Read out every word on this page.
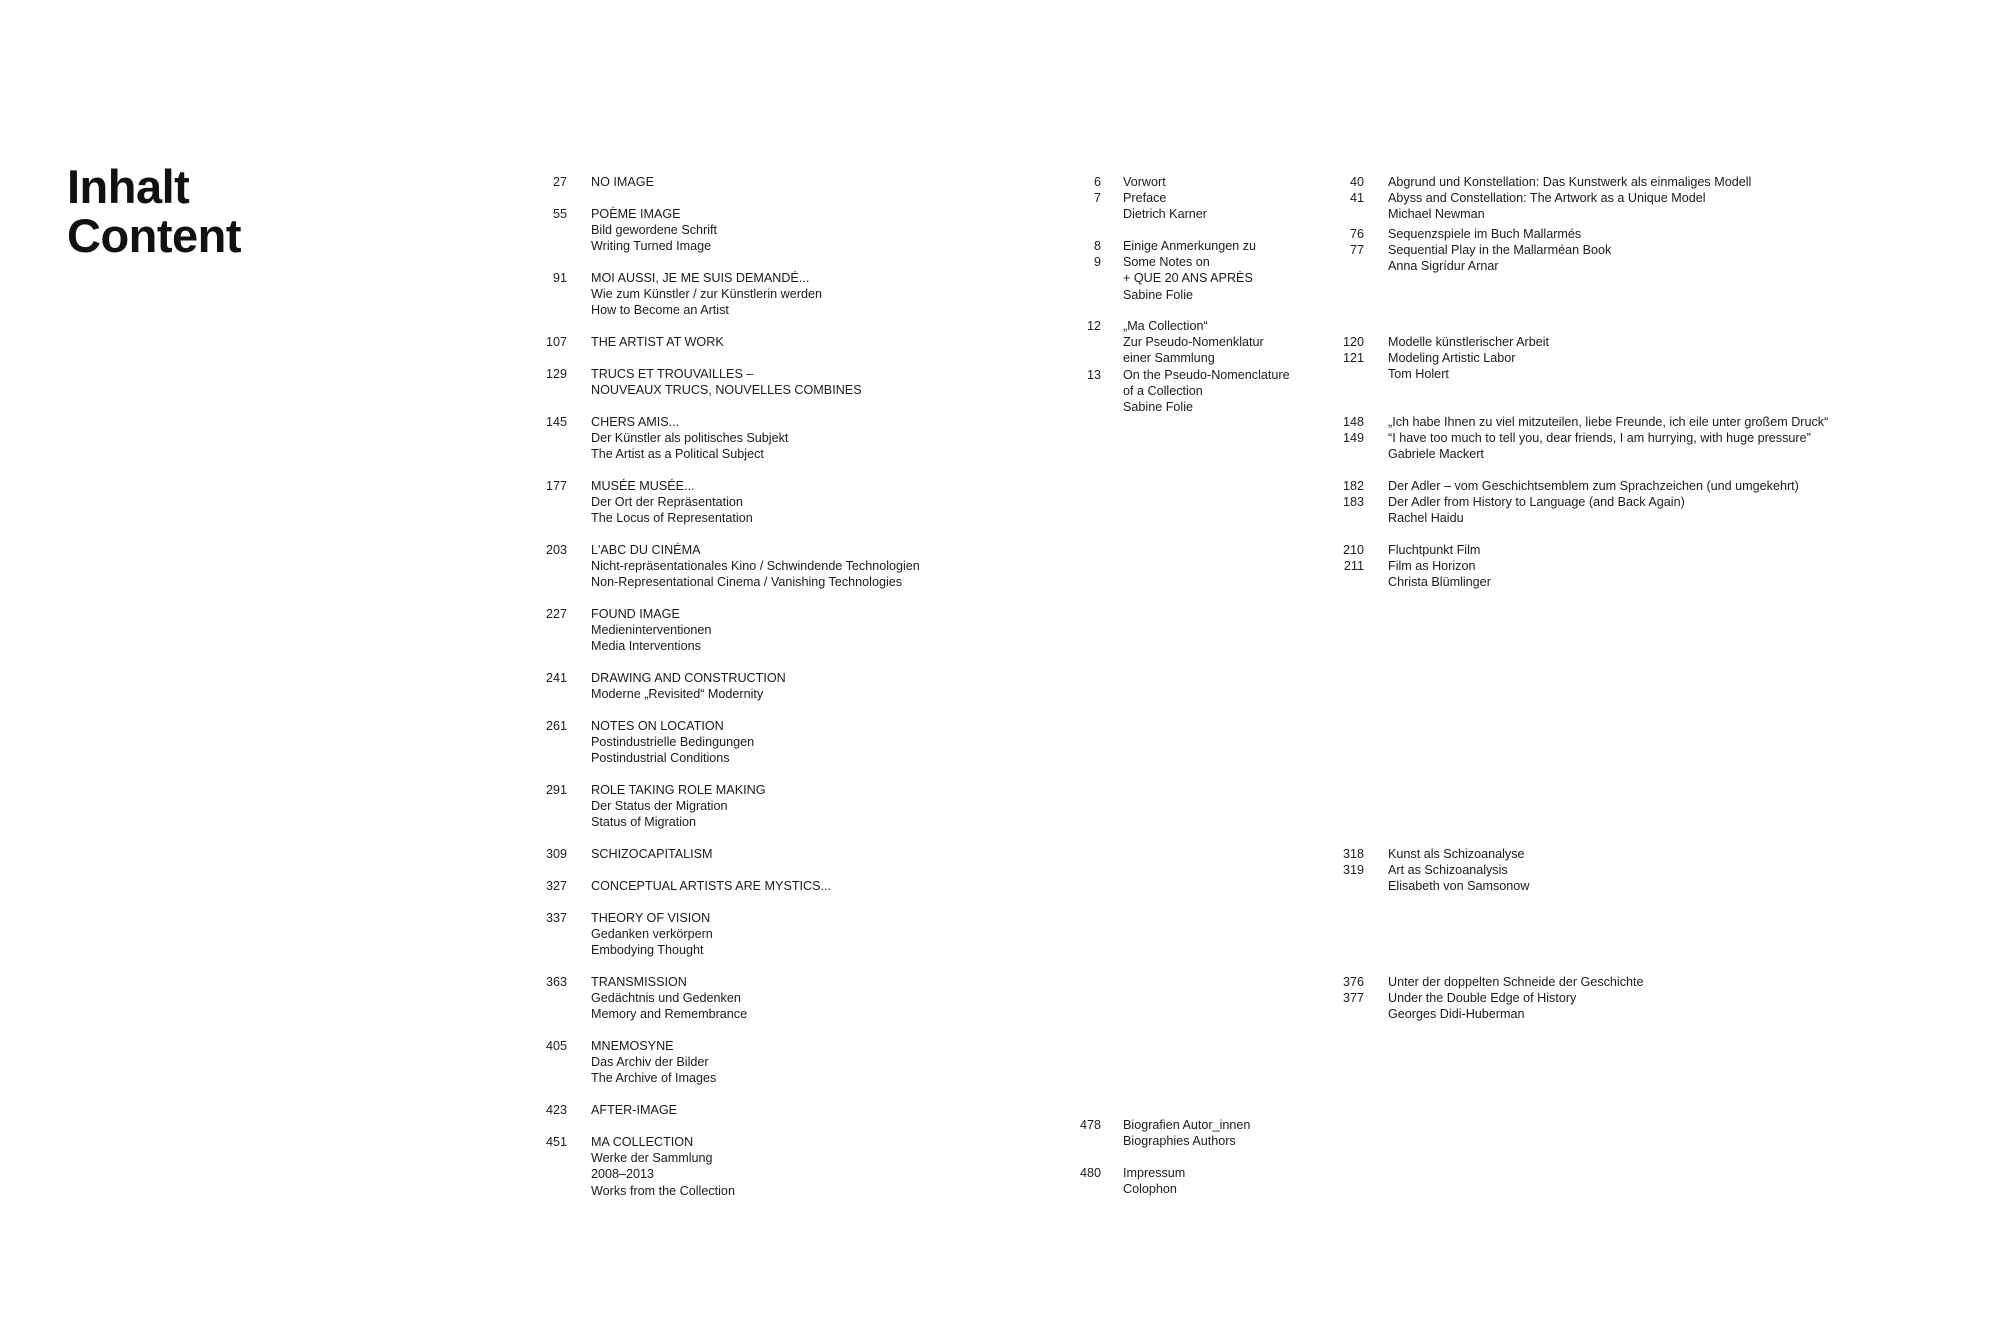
Inhalt
Content
27 NO IMAGE
55 POÈME IMAGE
Bild gewordene Schrift
Writing Turned Image
91 MOI AUSSI, JE ME SUIS DEMANDÉ...
Wie zum Künstler / zur Künstlerin werden
How to Become an Artist
107 THE ARTIST AT WORK
129 TRUCS ET TROUVAILLES –
NOUVEAUX TRUCS, NOUVELLES COMBINES
145 CHERS AMIS...
Der Künstler als politisches Subjekt
The Artist as a Political Subject
177 MUSÉE MUSÉE...
Der Ort der Repräsentation
The Locus of Representation
203 L'ABC DU CINÉMA
Nicht-repräsentationales Kino / Schwindende Technologien
Non-Representational Cinema / Vanishing Technologies
227 FOUND IMAGE
Medieninterventionen
Media Interventions
241 DRAWING AND CONSTRUCTION
Moderne „Revisited“ Modernity
261 NOTES ON LOCATION
Postindustrielle Bedingungen
Postindustrial Conditions
291 ROLE TAKING ROLE MAKING
Der Status der Migration
Status of Migration
309 SCHIZOCAPITALISM
327 CONCEPTUAL ARTISTS ARE MYSTICS...
337 THEORY OF VISION
Gedanken verkörpern
Embodying Thought
363 TRANSMISSION
Gedächtnis und Gedenken
Memory and Remembrance
405 MNEMOSYNE
Das Archiv der Bilder
The Archive of Images
423 AFTER-IMAGE
451 MA COLLECTION
Werke der Sammlung
2008–2013
Works from the Collection
6
7
Vorwort
Preface
Dietrich Karner
8
9
Einige Anmerkungen zu
Some Notes on
+ QUE 20 ANS APRÈS
Sabine Folie
12
13
„Ma Collection“
Zur Pseudo-Nomenklatur
einer Sammlung
On the Pseudo-Nomenclature
of a Collection
Sabine Folie
478 Biografien Autor_innen
Biographies Authors
480 Impressum
Colophon
40
41
Abgrund und Konstellation: Das Kunstwerk als einmaliges Modell
Abyss and Constellation: The Artwork as a Unique Model
Michael Newman
76
77
Sequenzspiele im Buch Mallarmés
Sequential Play in the Mallarméan Book
Anna Sigrídur Arnar
120
121
Modelle künstlerischer Arbeit
Modeling Artistic Labor
Tom Holert
148
149
„Ich habe Ihnen zu viel mitzuteilen, liebe Freunde, ich eile unter großem Druck“
“I have too much to tell you, dear friends, I am hurrying, with huge pressure”
Gabriele Mackert
182
183
Der Adler – vom Geschichtsemblem zum Sprachzeichen (und umgekehrt)
Der Adler from History to Language (and Back Again)
Rachel Haidu
210
211
Fluchtpunkt Film
Film as Horizon
Christa Blümlinger
318
319
Kunst als Schizoanalyse
Art as Schizoanalysis
Elisabeth von Samsonow
376
377
Unter der doppelten Schneide der Geschichte
Under the Double Edge of History
Georges Didi-Huberman
